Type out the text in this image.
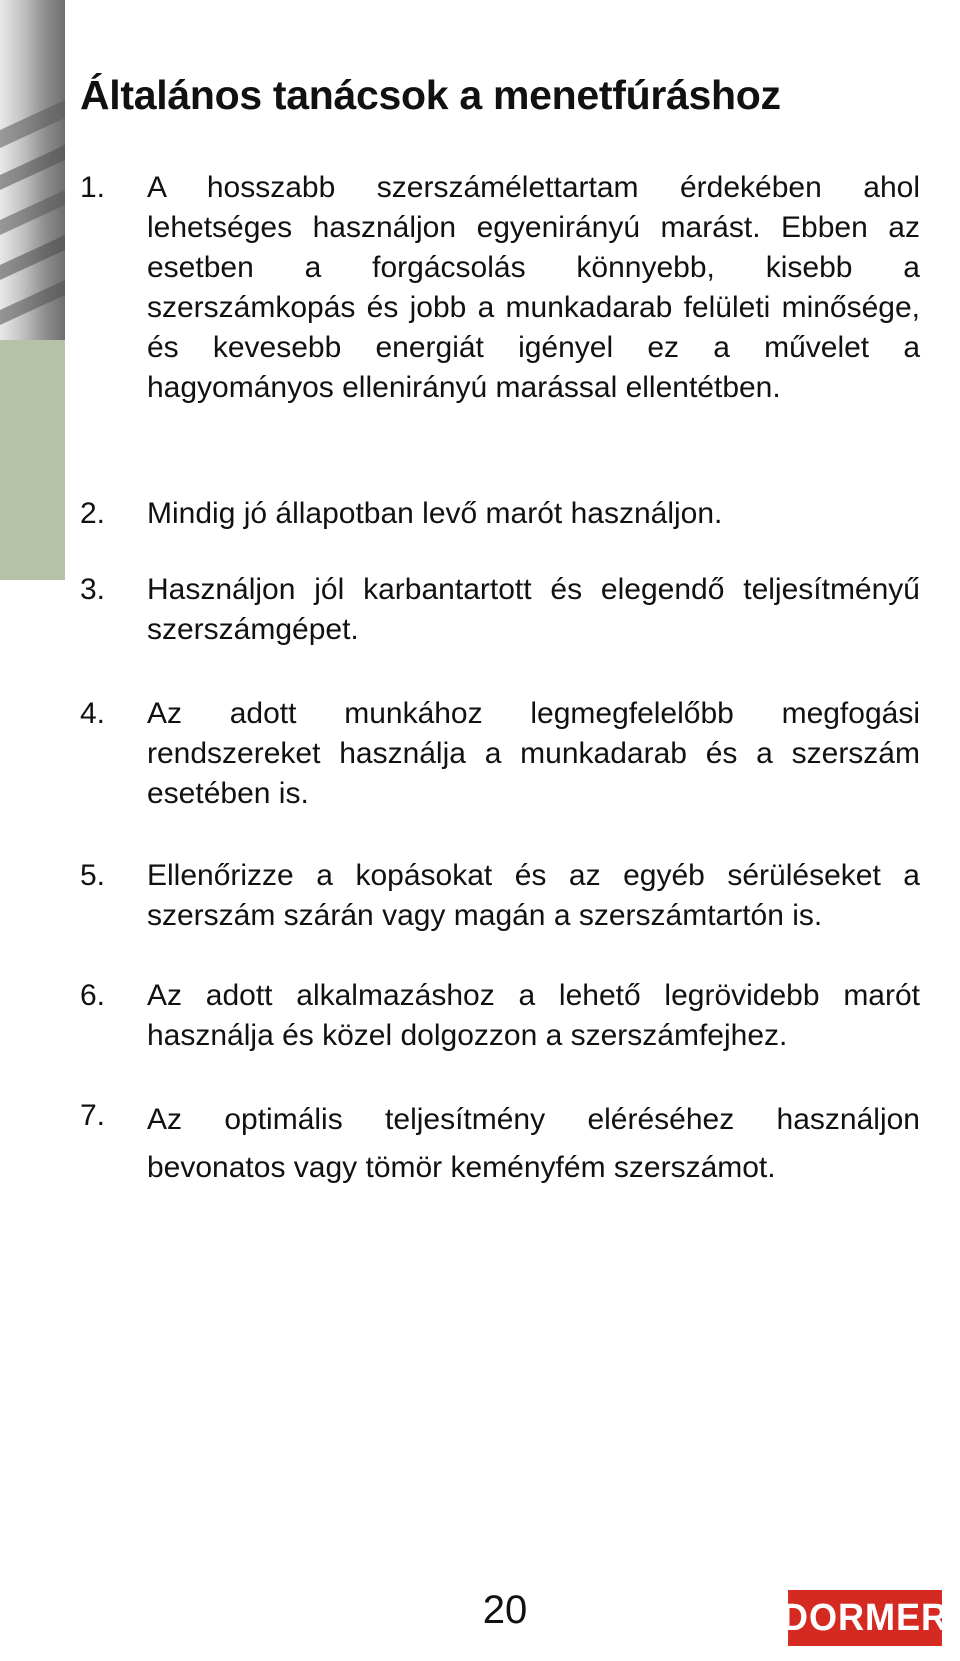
Általános tanácsok a menetfúráshoz
1. A hosszabb szerszámélettartam érdekében ahol lehetséges használjon egyenirányú marást. Ebben az esetben a forgácsolás könnyebb, kisebb a szerszámkopás és jobb a munkadarab felületi minősége, és kevesebb energiát igényel ez a művelet a hagyományos ellenirányú marással ellentétben.
2. Mindig jó állapotban levő marót használjon.
3. Használjon jól karbantartott és elegendő teljesítményű szerszámgépet.
4. Az adott munkához legmegfelelőbb megfogási rendszereket használja a munkadarab és a szerszám esetében is.
5. Ellenőrizze a kopásokat és az egyéb sérüléseket a szerszám szárán vagy magán a szerszámtartón is.
6. Az adott alkalmazáshoz a lehető legrövidebb marót használja és közel dolgozzon a szerszámfejhez.
7. Az optimális teljesítmény eléréséhez használjon bevonatos vagy tömör keményfém szerszámot.
20	DORMER
